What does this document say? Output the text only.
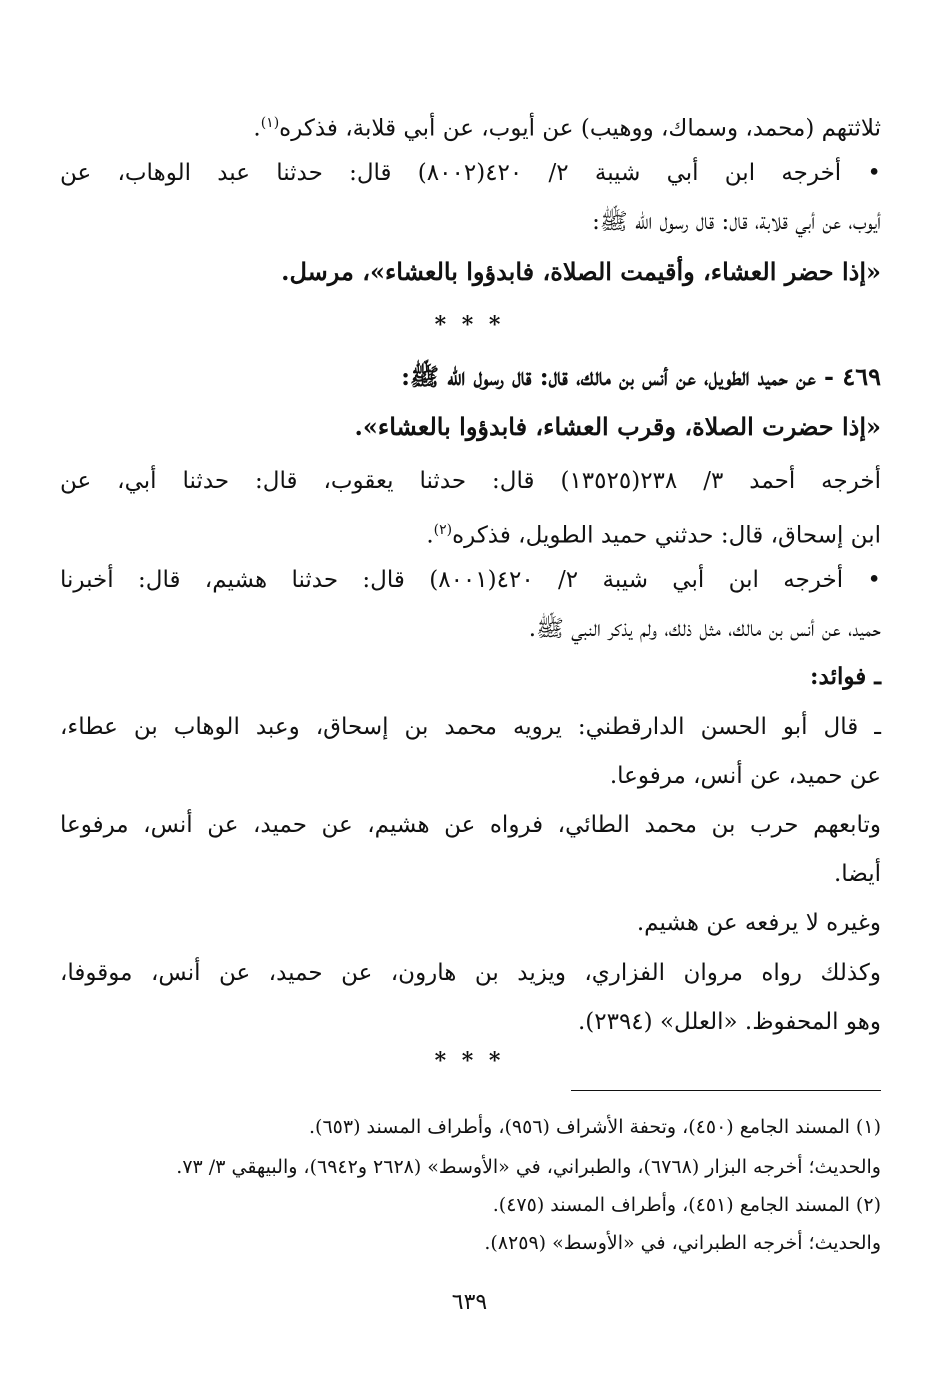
ثلاثتهم (محمد، وسماك، ووهيب) عن أيوب، عن أبي قلابة، فذكره$^{(١)}$.
• أخرجه ابن أبي شيبة ٢/ ٤٢٠(٨٠٠٢) قال: حدثنا عبد الوهاب، عن
أيوب، عن أبي قلابة، قال: قال رسول الله ﷺ:
«إذا حضر العشاء، وأقيمت الصلاة، فابدؤوا بالعشاء»، مرسل.
* * *
٤٦٩ - عن حميد الطويل، عن أنس بن مالك، قال: قال رسول الله ﷺ:
«إذا حضرت الصلاة، وقرب العشاء، فابدؤوا بالعشاء».
أخرجه أحمد ٣/ ٢٣٨(١٣٥٢٥) قال: حدثنا يعقوب، قال: حدثنا أبي، عن
ابن إسحاق، قال: حدثني حميد الطويل، فذكره$^{(٢)}$.
• أخرجه ابن أبي شيبة ٢/ ٤٢٠(٨٠٠١) قال: حدثنا هشيم، قال: أخبرنا
حميد، عن أنس بن مالك، مثل ذلك، ولم يذكر النبي ﷺ.
ـ فوائد:
ـ قال أبو الحسن الدارقطني: يرويه محمد بن إسحاق، وعبد الوهاب بن عطاء،
عن حميد، عن أنس، مرفوعا.
وتابعهم حرب بن محمد الطائي، فرواه عن هشيم، عن حميد، عن أنس، مرفوعا
أيضا.
وغيره لا يرفعه عن هشيم.
وكذلك رواه مروان الفزاري، ويزيد بن هارون، عن حميد، عن أنس، موقوفا،
وهو المحفوظ. «العلل» (٢٣٩٤).
* * *
(١) المسند الجامع (٤٥٠)، وتحفة الأشراف (٩٥٦)، وأطراف المسند (٦٥٣).
والحديث؛ أخرجه البزار (٦٧٦٨)، والطبراني، في «الأوسط» (٢٦٢٨ و٦٩٤٢)، والبيهقي ٣/ ٧٣.
(٢) المسند الجامع (٤٥١)، وأطراف المسند (٤٧٥).
والحديث؛ أخرجه الطبراني، في «الأوسط» (٨٢٥٩).
٦٣٩
